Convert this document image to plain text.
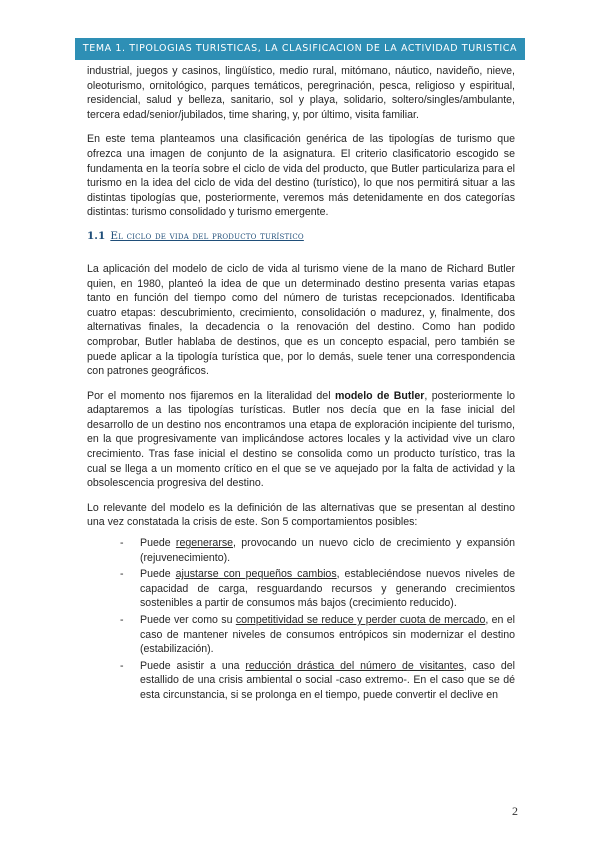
TEMA 1. TIPOLOGIAS TURISTICAS, LA CLASIFICACION DE LA ACTIVIDAD TURISTICA

industrial, juegos y casinos, lingüístico, medio rural, mitómano, náutico, navideño, nieve, oleoturismo, ornitológico, parques temáticos, peregrinación, pesca, religioso y espiritual, residencial, salud y belleza, sanitario, sol y playa, solidario, soltero/singles/ambulante, tercera edad/senior/jubilados, time sharing, y, por último, visita familiar.

En este tema planteamos una clasificación genérica de las tipologías de turismo que ofrezca una imagen de conjunto de la asignatura. El criterio clasificatorio escogido se fundamenta en la teoría sobre el ciclo de vida del producto, que Butler particulariza para el turismo en la idea del ciclo de vida del destino (turístico), lo que nos permitirá situar a las distintas tipologías que, posteriormente, veremos más detenidamente en dos categorías distintas: turismo consolidado y turismo emergente.

1.1 El ciclo de vida del producto turístico

La aplicación del modelo de ciclo de vida al turismo viene de la mano de Richard Butler quien, en 1980, planteó la idea de que un determinado destino presenta varias etapas tanto en función del tiempo como del número de turistas recepcionados. Identificaba cuatro etapas: descubrimiento, crecimiento, consolidación o madurez, y, finalmente, dos alternativas finales, la decadencia o la renovación del destino. Como han podido comprobar, Butler hablaba de destinos, que es un concepto espacial, pero también se puede aplicar a la tipología turística que, por lo demás, suele tener una correspondencia con patrones geográficos.

Por el momento nos fijaremos en la literalidad del modelo de Butler, posteriormente lo adaptaremos a las tipologías turísticas. Butler nos decía que en la fase inicial del desarrollo de un destino nos encontramos una etapa de exploración incipiente del turismo, en la que progresivamente van implicándose actores locales y la actividad vive un claro crecimiento. Tras fase inicial el destino se consolida como un producto turístico, tras la cual se llega a un momento crítico en el que se ve aquejado por la falta de actividad y la obsolescencia progresiva del destino.

Lo relevante del modelo es la definición de las alternativas que se presentan al destino una vez constatada la crisis de este. Son 5 comportamientos posibles:

- Puede regenerarse, provocando un nuevo ciclo de crecimiento y expansión (rejuvenecimiento).
- Puede ajustarse con pequeños cambios, estableciéndose nuevos niveles de capacidad de carga, resguardando recursos y generando crecimientos sostenibles a partir de consumos más bajos (crecimiento reducido).
- Puede ver como su competitividad se reduce y perder cuota de mercado, en el caso de mantener niveles de consumos entrópicos sin modernizar el destino (estabilización).
- Puede asistir a una reducción drástica del número de visitantes, caso del estallido de una crisis ambiental o social -caso extremo-. En el caso que se dé esta circunstancia, si se prolonga en el tiempo, puede convertir el declive en
2
